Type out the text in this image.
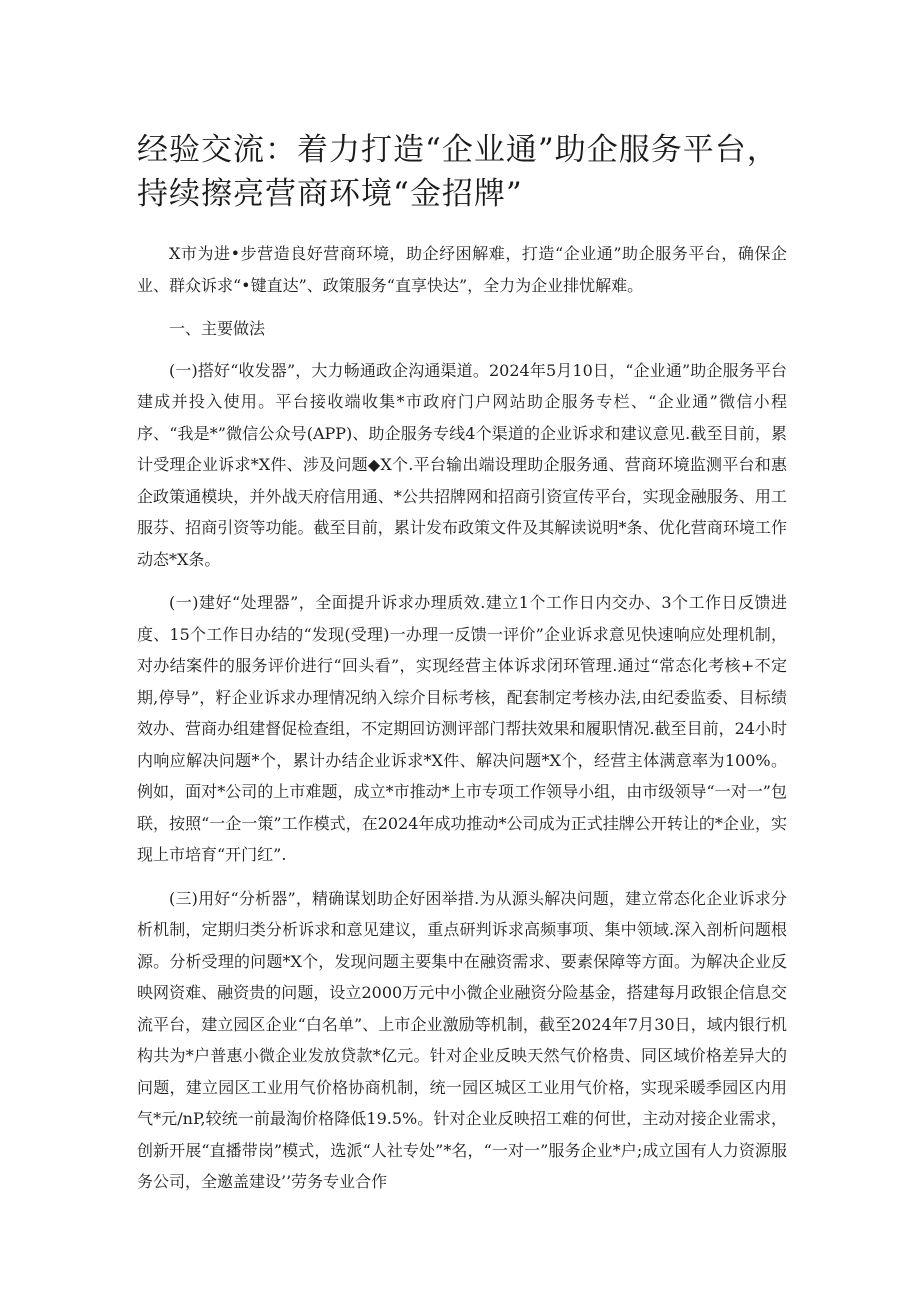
经验交流：着力打造“企业通”助企服务平台，持续擦亮营商环境“金招牌”

X市为进•步营造良好营商环境，助企纾困解难，打造“企业通”助企服务平台，确保企业、群众诉求“•键直达”、政策服务“直享快达”，全力为企业排忧解难。

一、主要做法

(一)搭好“收发器”，大力畅通政企沟通渠道。2024年5月10日，“企业通”助企服务平台建成并投入使用。平台接收端收集*市政府门户网站助企服务专栏、“企业通”微信小程序、“我是*”微信公众号(APP)、助企服务专线4个渠道的企业诉求和建议意见.截至目前，累计受理企业诉求*X件、涉及问题◆X个.平台输出端设理助企服务通、营商环境监测平台和惠企政策通模块，并外战天府信用通、*公共招牌网和招商引资宣传平台，实现金融服务、用工服芬、招商引资等功能。截至目前，累计发布政策文件及其解读说明*条、优化营商环境工作动态*X条。

(一)建好“处理器”，全面提升诉求办理质效.建立1个工作日内交办、3个工作日反馈进度、15个工作日办结的“发现(受理)一办理一反馈一评价”企业诉求意见快速响应处理机制，对办结案件的服务评价进行“回头看”，实现经营主体诉求闭环管理.通过“常态化考核+不定期,停导”，籽企业诉求办理情况纳入综介目标考核，配套制定考核办法,由纪委监委、目标绩效办、营商办组建督促检查组，不定期回访测评部门帮扶效果和履职情况.截至目前，24小时内响应解决问题*个，累计办结企业诉求*X件、解决问题*X个，经营主体满意率为100%。例如，面对*公司的上市难题，成立*市推动*上市专项工作领导小组，由市级领导“一对一”包联，按照“一企一策”工作模式，在2024年成功推动*公司成为正式挂牌公开转让的*企业，实现上市培育“开门红”.

(三)用好“分析器”，精确谋划助企好困举措.为从源头解决问题，建立常态化企业诉求分析机制，定期归类分析诉求和意见建议，重点研判诉求高频事项、集中领域.深入剖析问题根源。分析受理的问题*X个，发现问题主要集中在融资需求、要素保障等方面。为解决企业反映网资难、融资贵的问题，设立2000万元中小微企业融资分险基金，搭建每月政银企信息交流平台，建立园区企业“白名单”、上市企业激励等机制，截至2024年7月30日，域内银行机构共为*户普惠小微企业发放贷款*亿元。针对企业反映天然气价格贵、同区域价格差异大的问题，建立园区工业用气价格协商机制，统一园区城区工业用气价格，实现采暖季园区内用气*元/nP,较统一前最淘价格降低19.5%。针对企业反映招工难的何世，主动对接企业需求，创新开展“直播带岗”模式，选派“人社专处”*名，“一对一”服务企业*户;成立国有人力资源服务公司，全邀盖建设’’劳务专业合作
